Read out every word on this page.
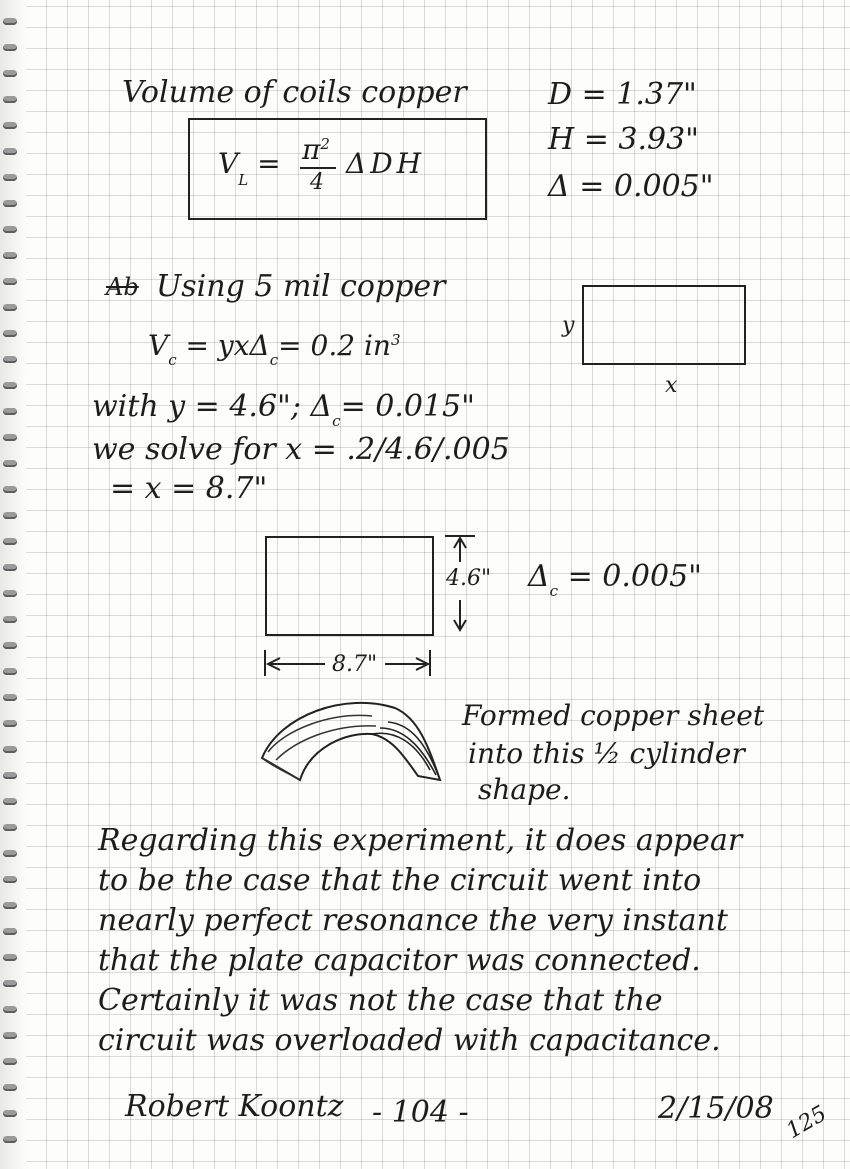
Volume of coils copper
$V_L = \pi^2$
4
ΔDH
D = 1.37"
H = 3.93"
Δ = 0.005"
Ab Using 5 mil copper
$V_c = yx\Delta_c= 0.2$ $in^3$
y
x
with y = 4.6"; $\Delta_c= 0.015$"
we solve for x = .2/4.6/.005
= x = 8.7"
4.6" $\Delta_c = 0.005$"
8.7"
Formed copper sheet
into this ½ cylinder
shape.
Regarding this experiment, it does appear
to be the case that the circuit went into
nearly perfect resonance the very instant
that the plate capacitor was connected.
Certainly it was not the case that the
circuit was overloaded with capacitance.
Robert Koontz - 104 -	2/15/08 125
